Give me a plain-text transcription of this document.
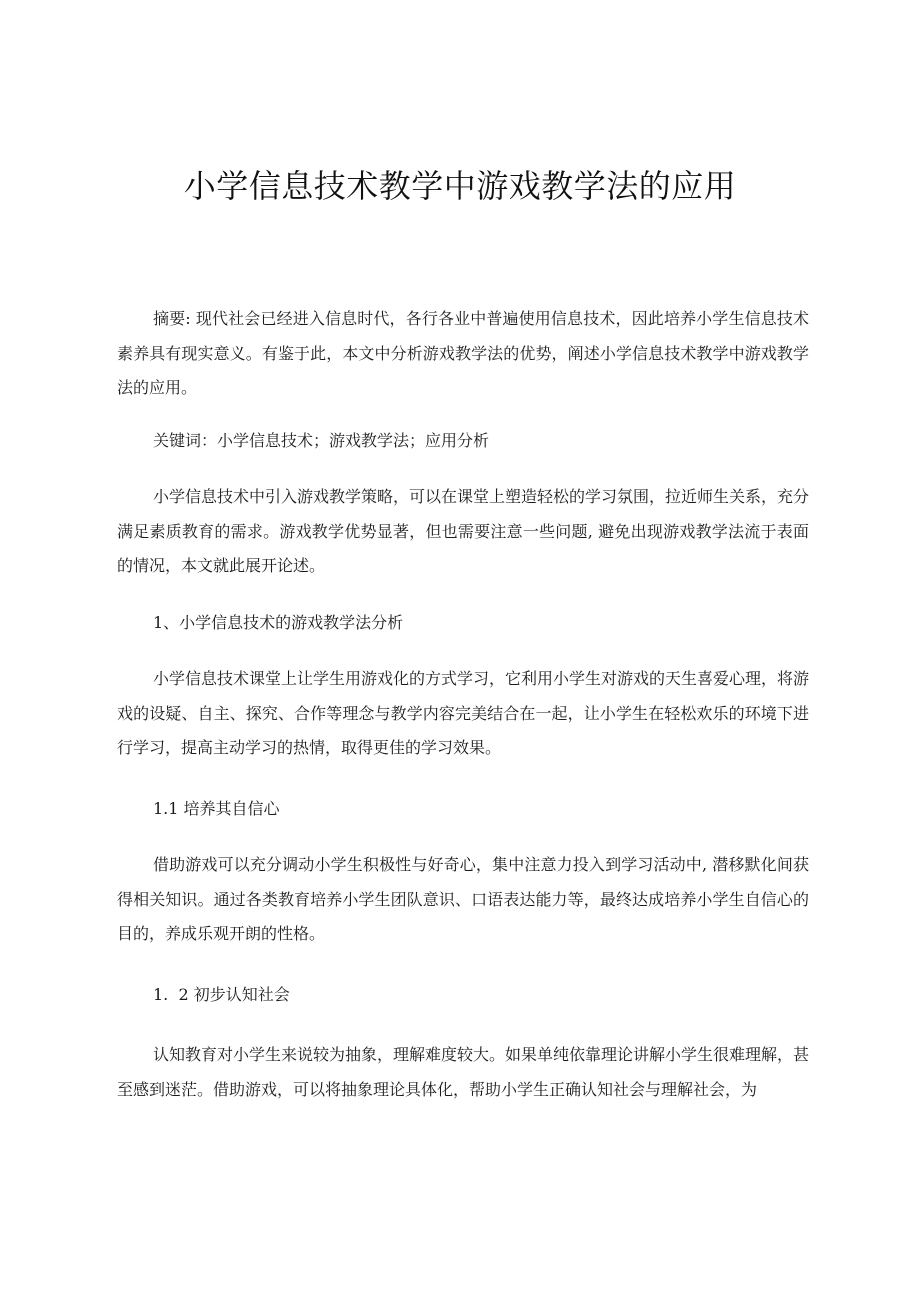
小学信息技术教学中游戏教学法的应用

摘要: 现代社会已经进入信息时代，各行各业中普遍使用信息技术，因此培养小学生信息技术素养具有现实意义。有鉴于此，本文中分析游戏教学法的优势，阐述小学信息技术教学中游戏教学法的应用。

关键词：小学信息技术；游戏教学法；应用分析

小学信息技术中引入游戏教学策略，可以在课堂上塑造轻松的学习氛围，拉近师生关系，充分满足素质教育的需求。游戏教学优势显著，但也需要注意一些问题, 避免出现游戏教学法流于表面的情况，本文就此展开论述。

1、小学信息技术的游戏教学法分析

小学信息技术课堂上让学生用游戏化的方式学习，它利用小学生对游戏的天生喜爱心理，将游戏的设疑、自主、探究、合作等理念与教学内容完美结合在一起，让小学生在轻松欢乐的环境下进行学习，提高主动学习的热情，取得更佳的学习效果。

1.1 培养其自信心

借助游戏可以充分调动小学生积极性与好奇心，集中注意力投入到学习活动中, 潜移默化间获得相关知识。通过各类教育培养小学生团队意识、口语表达能力等，最终达成培养小学生自信心的目的，养成乐观开朗的性格。

1.  2 初步认知社会

认知教育对小学生来说较为抽象，理解难度较大。如果单纯依靠理论讲解小学生很难理解，甚至感到迷茫。借助游戏，可以将抽象理论具体化，帮助小学生正确认知社会与理解社会，为
